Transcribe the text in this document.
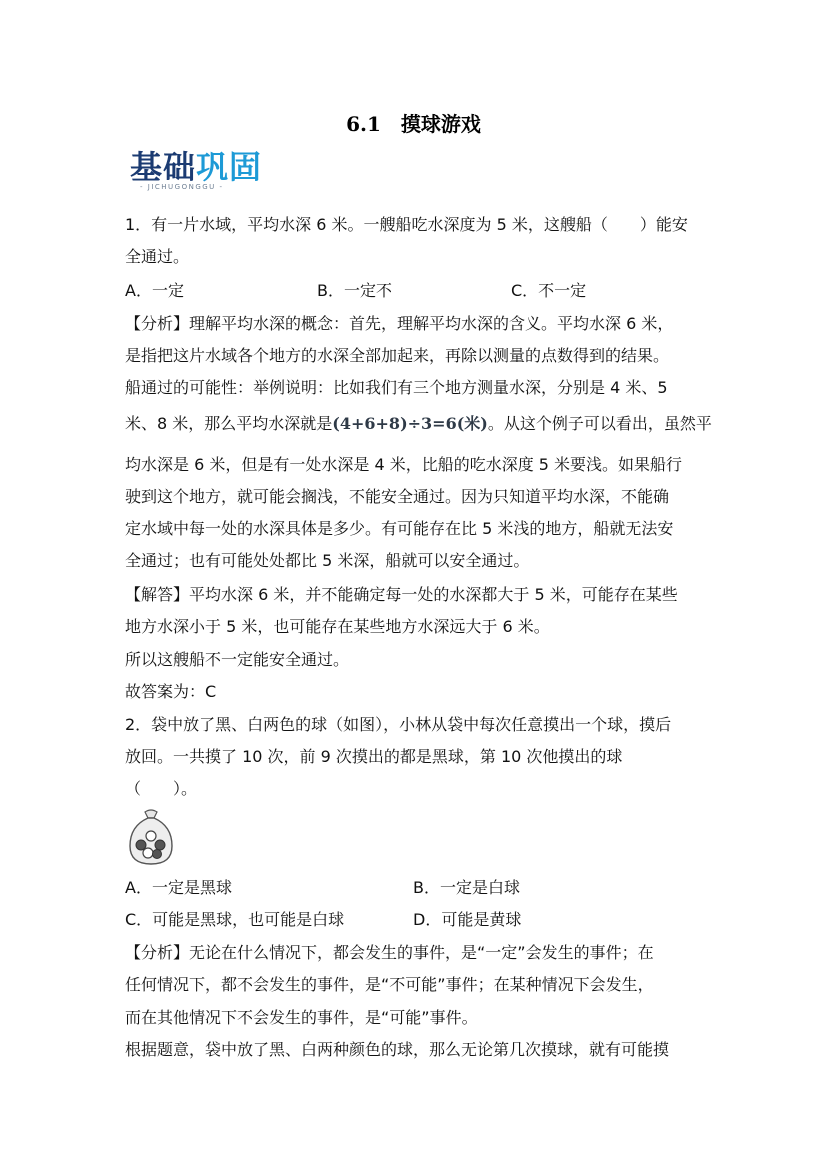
6.1　摸球游戏
基础巩固
- JICHUGONGGU -
1．有一片水域，平均水深 6 米。一艘船吃水深度为 5 米，这艘船（　　）能安
全通过。
A．一定	B．一定不	C．不一定
【分析】理解平均水深的概念：首先，理解平均水深的含义。平均水深 6 米，
是指把这片水域各个地方的水深全部加起来，再除以测量的点数得到的结果。
船通过的可能性：举例说明：比如我们有三个地方测量水深，分别是 4 米、5
米、8 米，那么平均水深就是(4+6+8)÷3=6(米)。从这个例子可以看出，虽然平
均水深是 6 米，但是有一处水深是 4 米，比船的吃水深度 5 米要浅。如果船行
驶到这个地方，就可能会搁浅，不能安全通过。因为只知道平均水深，不能确
定水域中每一处的水深具体是多少。有可能存在比 5 米浅的地方，船就无法安
全通过；也有可能处处都比 5 米深，船就可以安全通过。
【解答】平均水深 6 米，并不能确定每一处的水深都大于 5 米，可能存在某些
地方水深小于 5 米，也可能存在某些地方水深远大于 6 米。
所以这艘船不一定能安全通过。
故答案为：C
2．袋中放了黑、白两色的球（如图），小林从袋中每次任意摸出一个球，摸后
放回。一共摸了 10 次，前 9 次摸出的都是黑球，第 10 次他摸出的球
（　　）。
A．一定是黑球	B．一定是白球
C．可能是黑球，也可能是白球	D．可能是黄球
【分析】无论在什么情况下，都会发生的事件，是“一定”会发生的事件；在
任何情况下，都不会发生的事件，是“不可能”事件；在某种情况下会发生，
而在其他情况下不会发生的事件，是“可能”事件。
根据题意，袋中放了黑、白两种颜色的球，那么无论第几次摸球，就有可能摸
